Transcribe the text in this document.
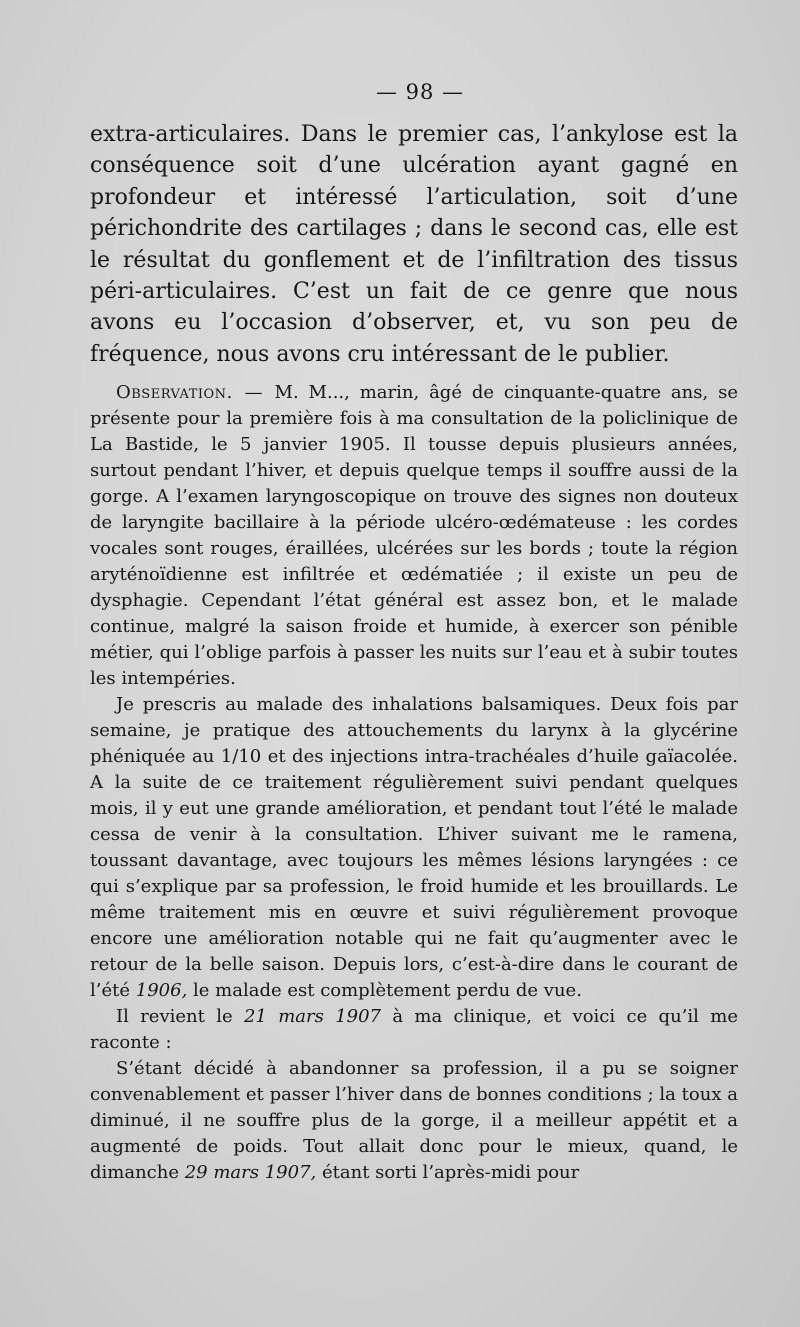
— 98 —

extra-articulaires. Dans le premier cas, l’ankylose est la conséquence soit d’une ulcération ayant gagné en profondeur et intéressé l’articulation, soit d’une périchondrite des cartilages ; dans le second cas, elle est le résultat du gonflement et de l’infiltration des tissus péri-articulaires. C’est un fait de ce genre que nous avons eu l’occasion d’observer, et, vu son peu de fréquence, nous avons cru intéressant de le publier.

Observation. — M. M..., marin, âgé de cinquante-quatre ans, se présente pour la première fois à ma consultation de la policlinique de La Bastide, le 5 janvier 1905. Il tousse depuis plusieurs années, surtout pendant l’hiver, et depuis quelque temps il souffre aussi de la gorge. A l’examen laryngoscopique on trouve des signes non douteux de laryngite bacillaire à la période ulcéro-œdémateuse : les cordes vocales sont rouges, éraillées, ulcérées sur les bords ; toute la région aryténoïdienne est infiltrée et œdématiée ; il existe un peu de dysphagie. Cependant l’état général est assez bon, et le malade continue, malgré la saison froide et humide, à exercer son pénible métier, qui l’oblige parfois à passer les nuits sur l’eau et à subir toutes les intempéries.

Je prescris au malade des inhalations balsamiques. Deux fois par semaine, je pratique des attouchements du larynx à la glycérine phéniquée au 1/10 et des injections intra-trachéales d’huile gaïacolée. A la suite de ce traitement régulièrement suivi pendant quelques mois, il y eut une grande amélioration, et pendant tout l’été le malade cessa de venir à la consultation. L’hiver suivant me le ramena, toussant davantage, avec toujours les mêmes lésions laryngées : ce qui s’explique par sa profession, le froid humide et les brouillards. Le même traitement mis en œuvre et suivi régulièrement provoque encore une amélioration notable qui ne fait qu’augmenter avec le retour de la belle saison. Depuis lors, c’est-à-dire dans le courant de l’été 1906, le malade est complètement perdu de vue.

Il revient le 21 mars 1907 à ma clinique, et voici ce qu’il me raconte :

S’étant décidé à abandonner sa profession, il a pu se soigner convenablement et passer l’hiver dans de bonnes conditions ; la toux a diminué, il ne souffre plus de la gorge, il a meilleur appétit et a augmenté de poids. Tout allait donc pour le mieux, quand, le dimanche 29 mars 1907, étant sorti l’après-midi pour
